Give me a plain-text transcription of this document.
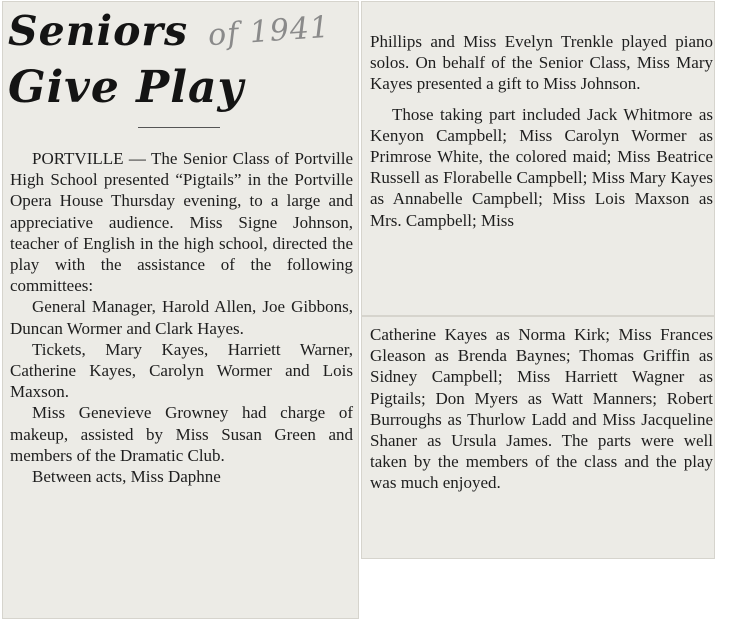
Seniors
Give Play
of 1941

PORTVILLE — The Senior Class of Portville High School presented “Pigtails” in the Portville Opera House Thursday evening, to a large and appreciative audience. Miss Signe Johnson, teacher of English in the high school, directed the play with the assistance of the following committees:

General Manager, Harold Allen, Joe Gibbons, Duncan Wormer and Clark Hayes.

Tickets, Mary Kayes, Harriett Warner, Catherine Kayes, Carolyn Wormer and Lois Maxson.

Miss Genevieve Growney had charge of makeup, assisted by Miss Susan Green and members of the Dramatic Club.

Between acts, Miss Daphne

Phillips and Miss Evelyn Trenkle played piano solos. On behalf of the Senior Class, Miss Mary Kayes presented a gift to Miss Johnson.

Those taking part included Jack Whitmore as Kenyon Campbell; Miss Carolyn Wormer as Primrose White, the colored maid; Miss Beatrice Russell as Florabelle Campbell; Miss Mary Kayes as Annabelle Campbell; Miss Lois Maxson as Mrs. Campbell; Miss

Catherine Kayes as Norma Kirk; Miss Frances Gleason as Brenda Baynes; Thomas Griffin as Sidney Campbell; Miss Harriett Wagner as Pigtails; Don Myers as Watt Manners; Robert Burroughs as Thurlow Ladd and Miss Jacqueline Shaner as Ursula James. The parts were well taken by the members of the class and the play was much enjoyed.
